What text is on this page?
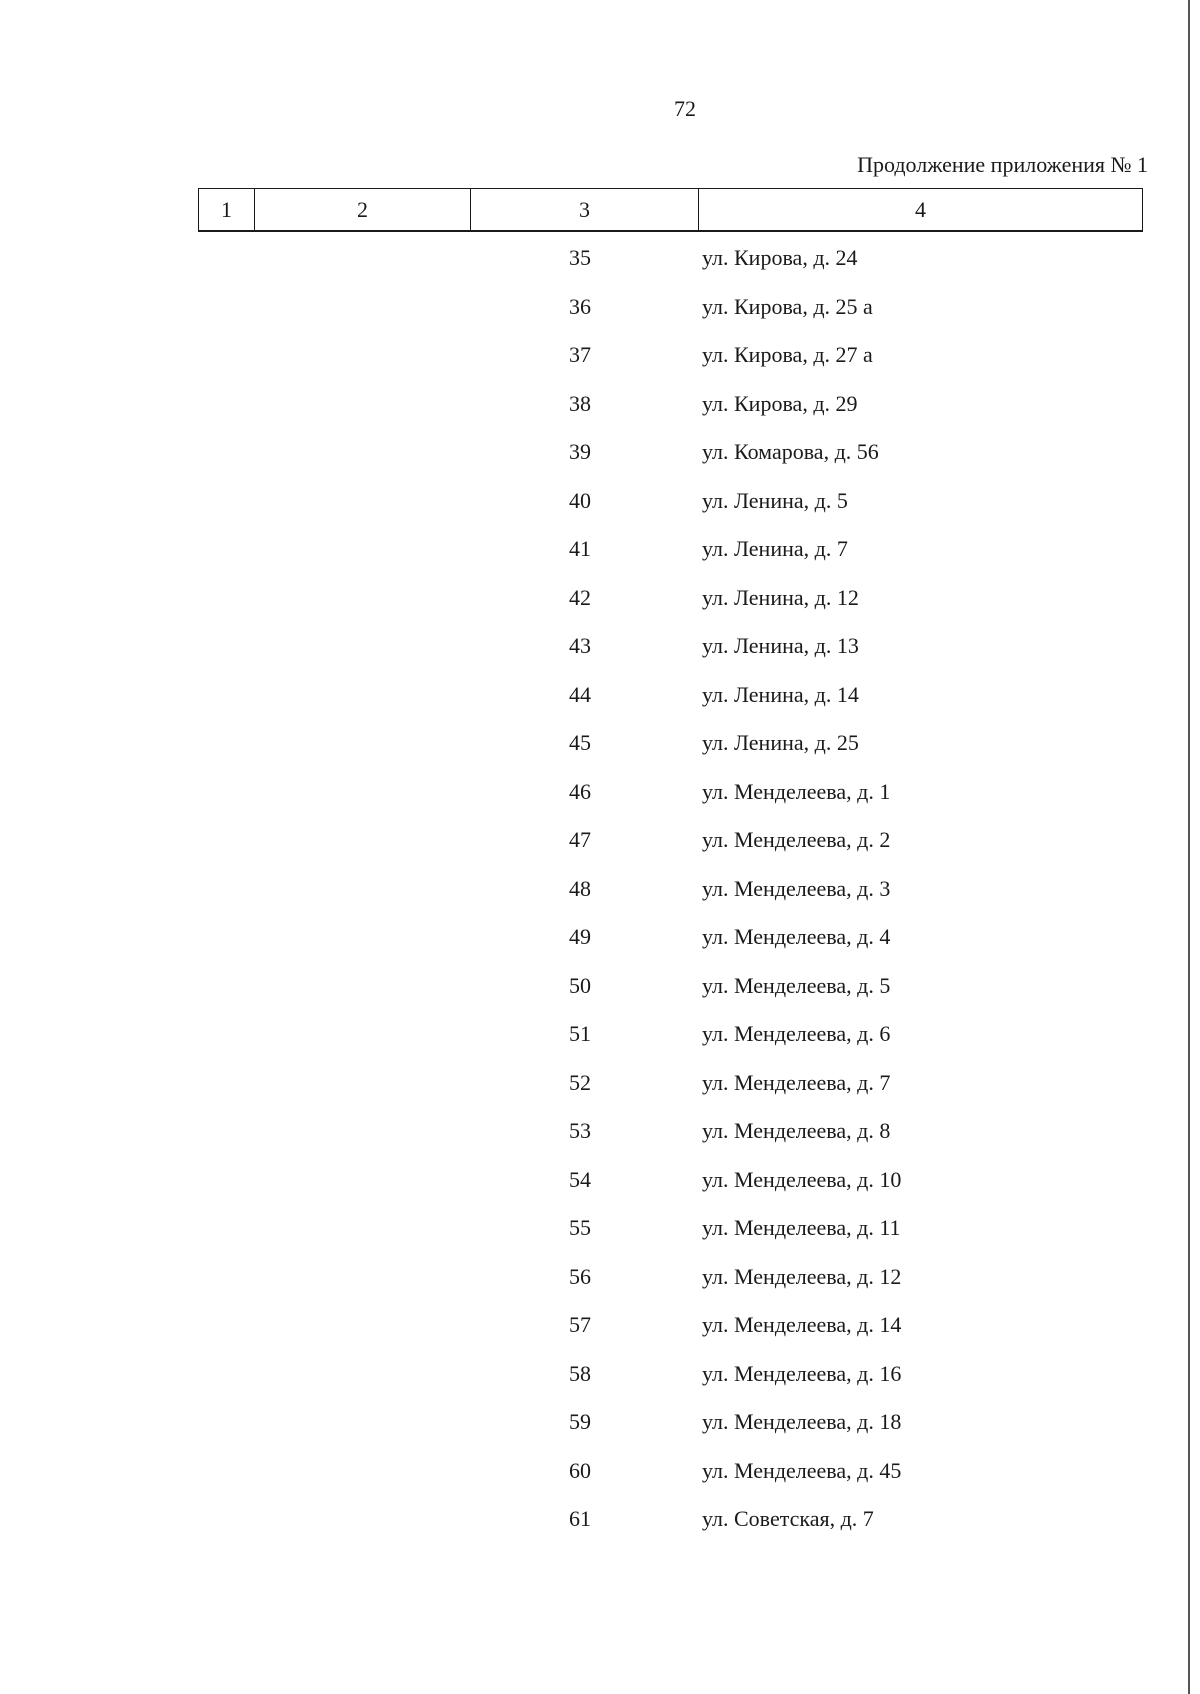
72
Продолжение приложения № 1
1	2	3	4
35	ул. Кирова, д. 24
36	ул. Кирова, д. 25 а
37	ул. Кирова, д. 27 а
38	ул. Кирова, д. 29
39	ул. Комарова, д. 56
40	ул. Ленина, д. 5
41	ул. Ленина, д. 7
42	ул. Ленина, д. 12
43	ул. Ленина, д. 13
44	ул. Ленина, д. 14
45	ул. Ленина, д. 25
46	ул. Менделеева, д. 1
47	ул. Менделеева, д. 2
48	ул. Менделеева, д. 3
49	ул. Менделеева, д. 4
50	ул. Менделеева, д. 5
51	ул. Менделеева, д. 6
52	ул. Менделеева, д. 7
53	ул. Менделеева, д. 8
54	ул. Менделеева, д. 10
55	ул. Менделеева, д. 11
56	ул. Менделеева, д. 12
57	ул. Менделеева, д. 14
58	ул. Менделеева, д. 16
59	ул. Менделеева, д. 18
60	ул. Менделеева, д. 45
61	ул. Советская, д. 7
